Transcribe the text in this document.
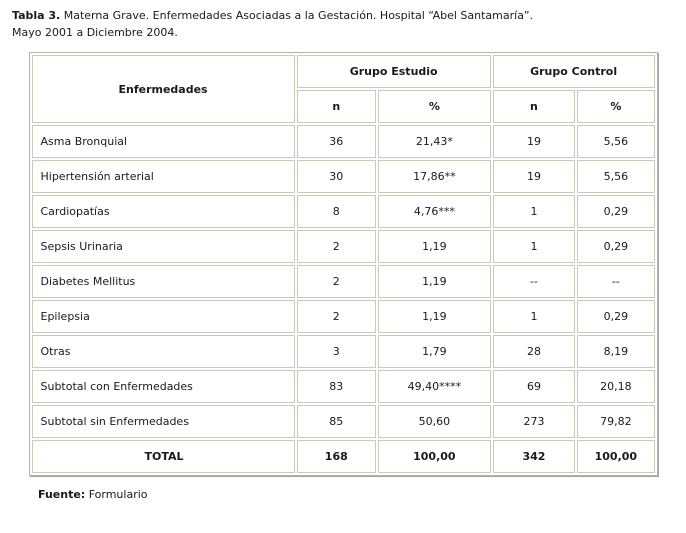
Tabla 3. Materna Grave. Enfermedades Asociadas a la Gestación. Hospital “Abel Santamaría”.
Mayo 2001 a Diciembre 2004.

Enfermedades	Grupo Estudio		Grupo Control	
	n	%	n	%
Asma Bronquial	36	21,43*	19	5,56
Hipertensión arterial	30	17,86**	19	5,56
Cardiopatías	8	4,76***	1	0,29
Sepsis Urinaria	2	1,19	1	0,29
Diabetes Mellitus	2	1,19	--	--
Epilepsia	2	1,19	1	0,29
Otras	3	1,79	28	8,19
Subtotal con Enfermedades	83	49,40****	69	20,18
Subtotal sin Enfermedades	85	50,60	273	79,82
TOTAL	168	100,00	342	100,00

Fuente: Formulario
